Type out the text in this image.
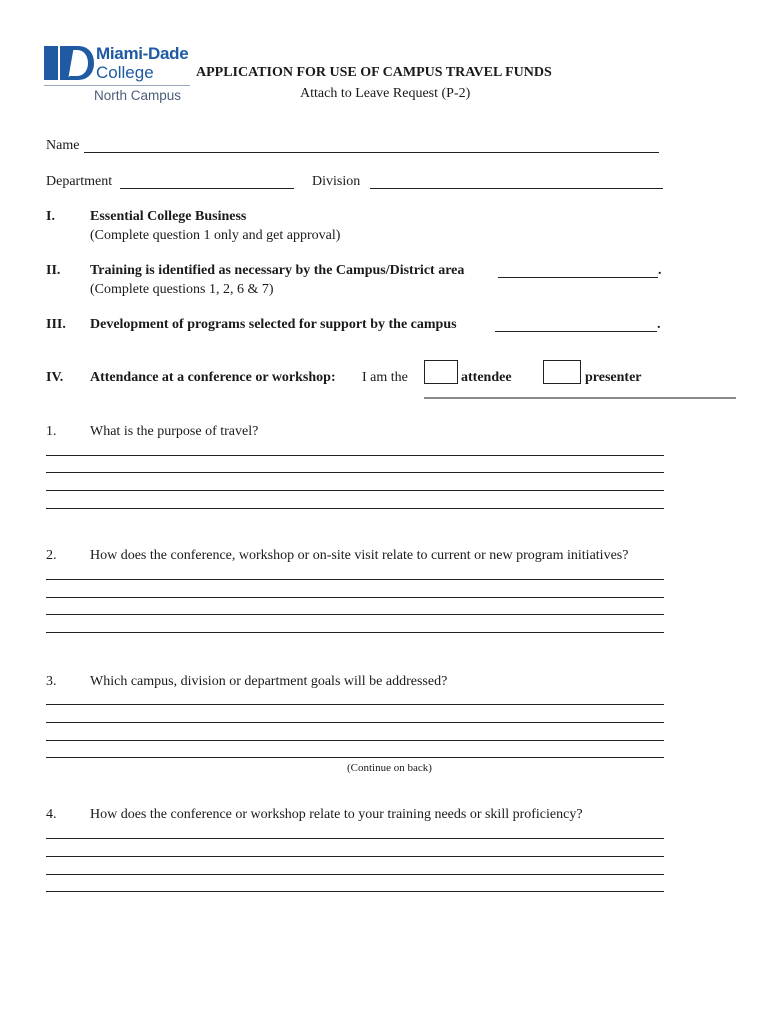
Miami-Dade
College
North Campus
APPLICATION FOR USE OF CAMPUS TRAVEL FUNDS
Attach to Leave Request (P-2)
Name
Department	Division
I.	Essential College Business
(Complete question 1 only and get approval)
II. Training is identified as necessary by the Campus/District area	.
(Complete questions 1, 2, 6 & 7)
III. Development of programs selected for support by the campus	.
IV. Attendance at a conference or workshop: I am the	attendee	presenter
1. What is the purpose of travel?
2. How does the conference, workshop or on-site visit relate to current or new program initiatives?
3. Which campus, division or department goals will be addressed?
(Continue on back)
4. How does the conference or workshop relate to your training needs or skill proficiency?
